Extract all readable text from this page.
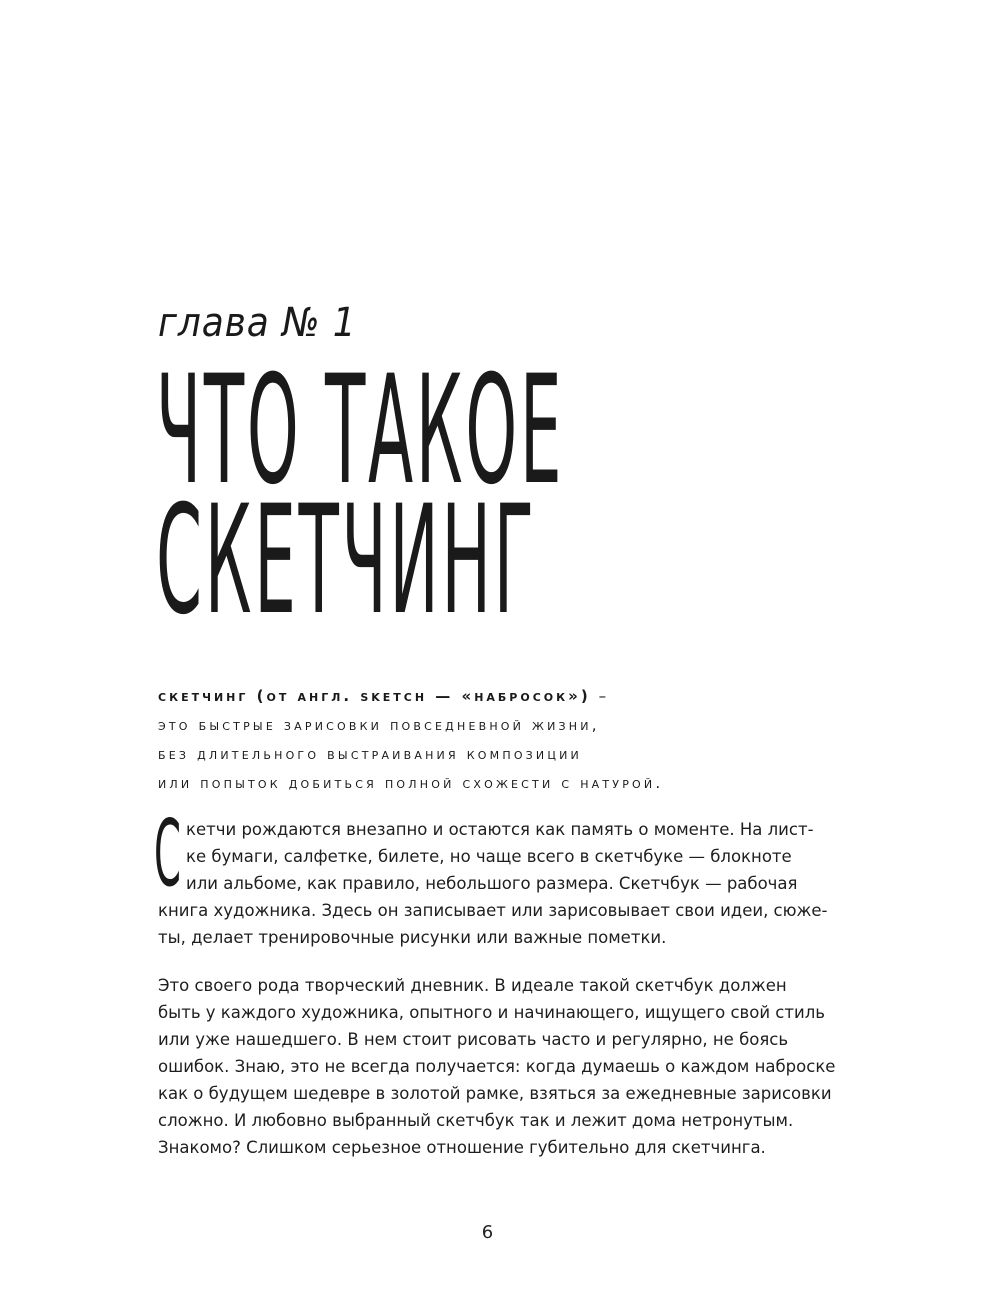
глава № 1
ЧТО ТАКОЕ
СКЕТЧИНГ
скетчинг (от англ. sketch — «набросок») –
это быстрые зарисовки повседневной жизни,
без длительного выстраивания композиции
или попыток добиться полной схожести с натурой.
С кетчи рождаются внезапно и остаются как память о моменте. На лист-
ке бумаги, салфетке, билете, но чаще всего в скетчбуке — блокноте
или альбоме, как правило, небольшого размера. Скетчбук — рабочая
книга художника. Здесь он записывает или зарисовывает свои идеи, сюже-
ты, делает тренировочные рисунки или важные пометки.
Это своего рода творческий дневник. В идеале такой скетчбук должен
быть у каждого художника, опытного и начинающего, ищущего свой стиль
или уже нашедшего. В нем стоит рисовать часто и регулярно, не боясь
ошибок. Знаю, это не всегда получается: когда думаешь о каждом наброске
как о будущем шедевре в золотой рамке, взяться за ежедневные зарисовки
сложно. И любовно выбранный скетчбук так и лежит дома нетронутым.
Знакомо? Слишком серьезное отношение губительно для скетчинга.
6
